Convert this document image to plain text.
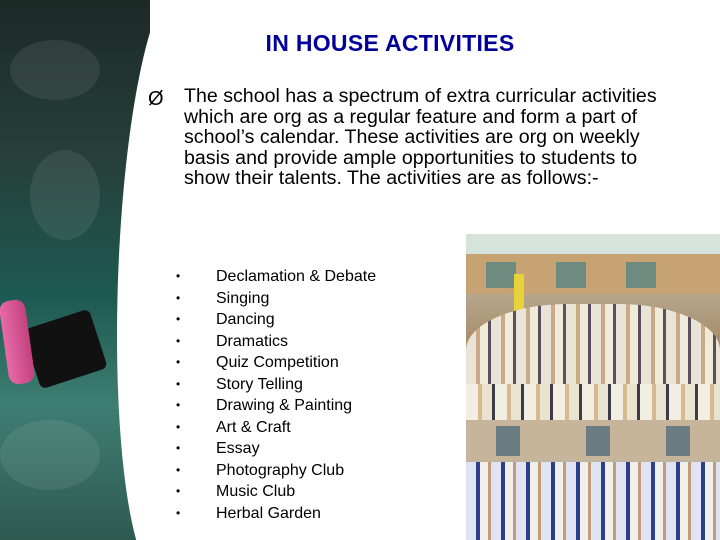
IN HOUSE ACTIVITIES
Ø The school has a spectrum of extra curricular activities which are org as a regular feature and form a part of school’s calendar. These activities are org on weekly basis and provide ample opportunities to students to show their talents. The activities are as follows:-
• Declamation & Debate
• Singing
• Dancing
• Dramatics
• Quiz Competition
• Story Telling
• Drawing & Painting
• Art & Craft
• Essay
• Photography Club
• Music Club
• Herbal Garden
